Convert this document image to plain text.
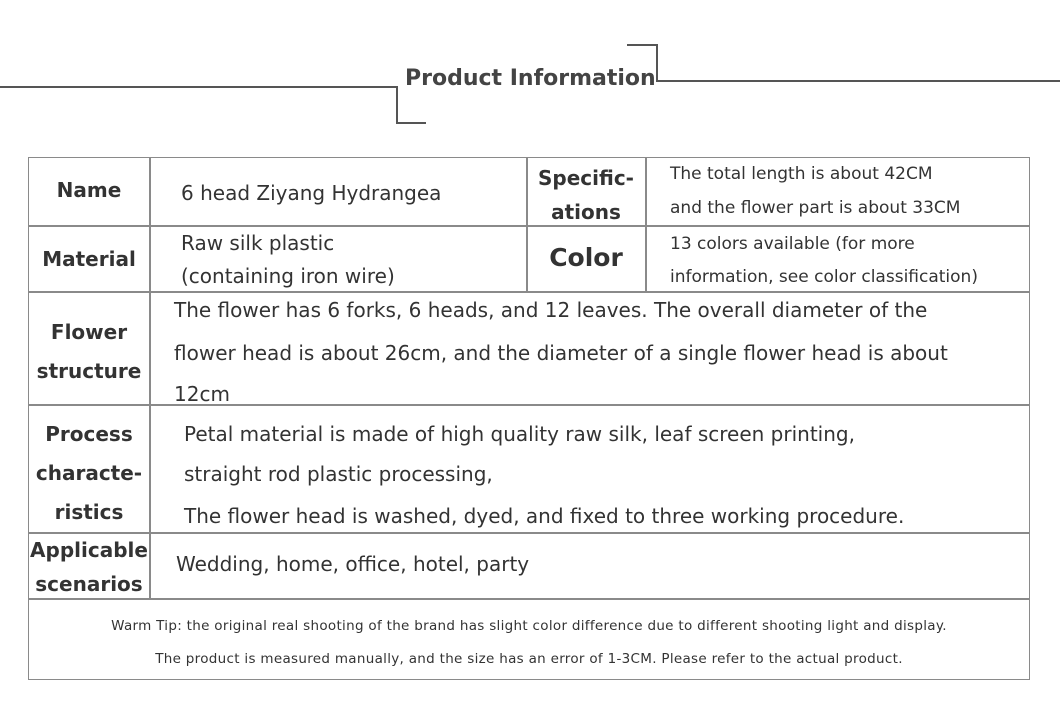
Product Information
Name	6 head Ziyang Hydrangea
Specific-
ations
The total length is about 42CM
and the flower part is about 33CM
Material
Raw silk plastic
(containing iron wire)
Color	13 colors available (for more
information, see color classification)
Flower
structure
The flower has 6 forks, 6 heads, and 12 leaves. The overall diameter of the
flower head is about 26cm, and the diameter of a single flower head is about
12cm
Process
characte-
ristics
Petal material is made of high quality raw silk, leaf screen printing,
straight rod plastic processing,
The flower head is washed, dyed, and fixed to three working procedure.
Applicable
scenarios
Wedding, home, office, hotel, party
Warm Tip: the original real shooting of the brand has slight color difference due to different shooting light and display.
The product is measured manually, and the size has an error of 1-3CM. Please refer to the actual product.
